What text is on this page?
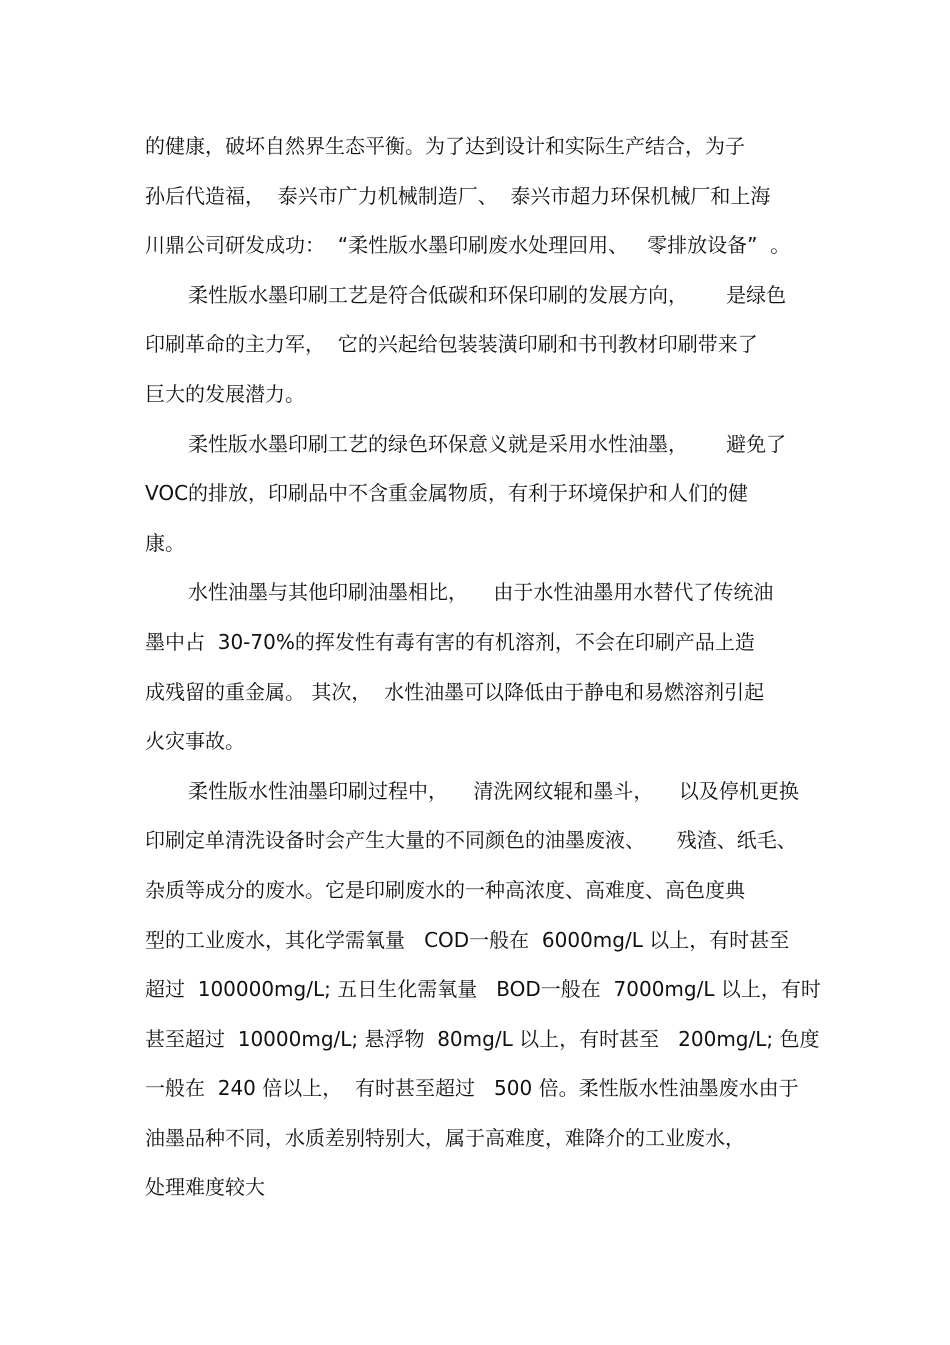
的健康，破坏自然界生态平衡。为了达到设计和实际生产结合，为子
孙后代造福，  泰兴市广力机械制造厂、  泰兴市超力环保机械厂和上海
川鼎公司研发成功：  “柔性版水墨印刷废水处理回用、   零排放设备”  。
柔性版水墨印刷工艺是符合低碳和环保印刷的发展方向，      是绿色
印刷革命的主力军，  它的兴起给包装装潢印刷和书刊教材印刷带来了
巨大的发展潜力。
柔性版水墨印刷工艺的绿色环保意义就是采用水性油墨，      避免了
VOC的排放，印刷品中不含重金属物质，有利于环境保护和人们的健
康。
水性油墨与其他印刷油墨相比，    由于水性油墨用水替代了传统油
墨中占  30-70%的挥发性有毒有害的有机溶剂，不会在印刷产品上造
成残留的重金属。 其次，  水性油墨可以降低由于静电和易燃溶剂引起
火灾事故。
柔性版水性油墨印刷过程中，    清洗网纹辊和墨斗，    以及停机更换
印刷定单清洗设备时会产生大量的不同颜色的油墨废液、     残渣、纸毛、
杂质等成分的废水。它是印刷废水的一种高浓度、高难度、高色度典
型的工业废水，其化学需氧量   COD一般在  6000mg/L 以上，有时甚至
超过  100000mg/L; 五日生化需氧量   BOD一般在  7000mg/L 以上，有时
甚至超过  10000mg/L; 悬浮物  80mg/L 以上，有时甚至   200mg/L; 色度
一般在  240 倍以上，  有时甚至超过   500 倍。柔性版水性油墨废水由于
油墨品种不同，水质差别特别大，属于高难度，难降介的工业废水，
处理难度较大
